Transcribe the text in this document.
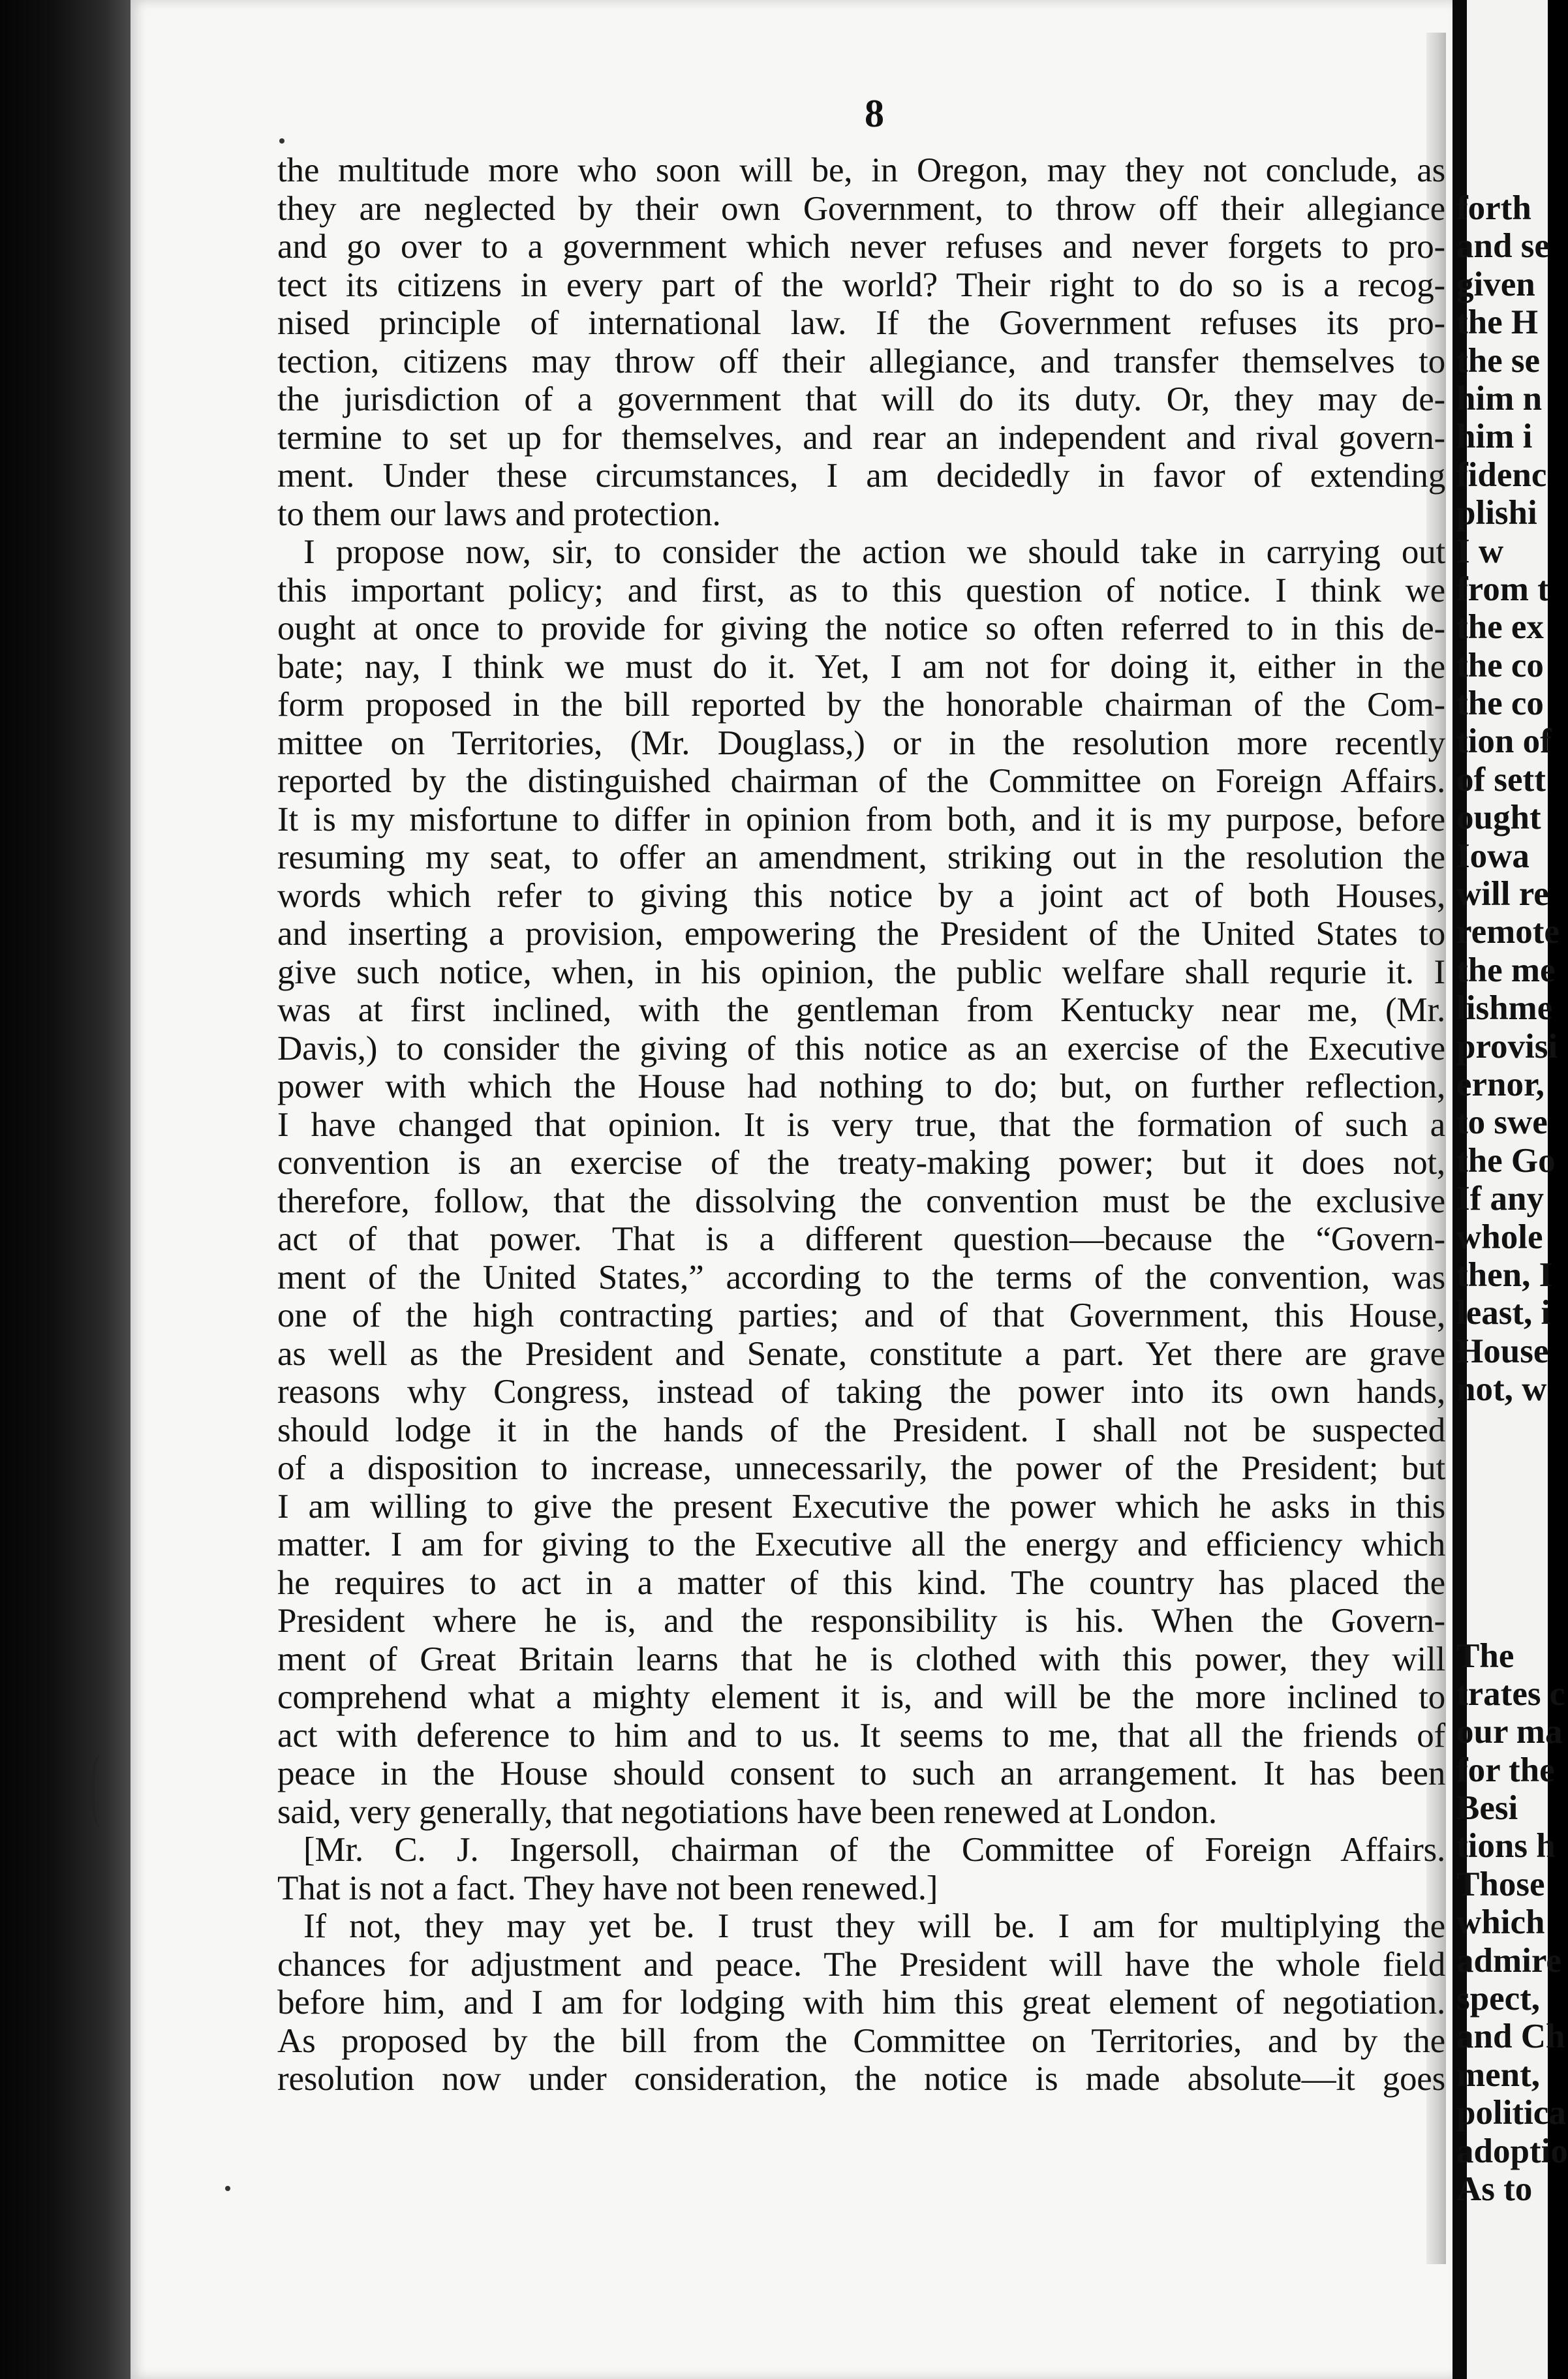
8
the multitude more who soon will be, in Oregon, may they not conclude, as
they are neglected by their own Government, to throw off their allegiance
and go over to a government which never refuses and never forgets to pro-
tect its citizens in every part of the world? Their right to do so is a recog-
nised principle of international law. If the Government refuses its pro-
tection, citizens may throw off their allegiance, and transfer themselves to
the jurisdiction of a government that will do its duty. Or, they may de-
termine to set up for themselves, and rear an independent and rival govern-
ment. Under these circumstances, I am decidedly in favor of extending
to them our laws and protection.
I propose now, sir, to consider the action we should take in carrying out
this important policy; and first, as to this question of notice. I think we
ought at once to provide for giving the notice so often referred to in this de-
bate; nay, I think we must do it. Yet, I am not for doing it, either in the
form proposed in the bill reported by the honorable chairman of the Com-
mittee on Territories, (Mr. Douglass,) or in the resolution more recently
reported by the distinguished chairman of the Committee on Foreign Affairs.
It is my misfortune to differ in opinion from both, and it is my purpose, before
resuming my seat, to offer an amendment, striking out in the resolution the
words which refer to giving this notice by a joint act of both Houses,
and inserting a provision, empowering the President of the United States to
give such notice, when, in his opinion, the public welfare shall requrie it. I
was at first inclined, with the gentleman from Kentucky near me, (Mr.
Davis,) to consider the giving of this notice as an exercise of the Executive
power with which the House had nothing to do; but, on further reflection,
I have changed that opinion. It is very true, that the formation of such a
convention is an exercise of the treaty-making power; but it does not,
therefore, follow, that the dissolving the convention must be the exclusive
act of that power. That is a different question—because the “Govern-
ment of the United States,” according to the terms of the convention, was
one of the high contracting parties; and of that Government, this House,
as well as the President and Senate, constitute a part. Yet there are grave
reasons why Congress, instead of taking the power into its own hands,
should lodge it in the hands of the President. I shall not be suspected
of a disposition to increase, unnecessarily, the power of the President; but
I am willing to give the present Executive the power which he asks in this
matter. I am for giving to the Executive all the energy and efficiency which
he requires to act in a matter of this kind. The country has placed the
President where he is, and the responsibility is his. When the Govern-
ment of Great Britain learns that he is clothed with this power, they will
comprehend what a mighty element it is, and will be the more inclined to
act with deference to him and to us. It seems to me, that all the friends of
peace in the House should consent to such an arrangement. It has been
said, very generally, that negotiations have been renewed at London.
[Mr. C. J. Ingersoll, chairman of the Committee of Foreign Affairs.
That is not a fact. They have not been renewed.]
If not, they may yet be. I trust they will be. I am for multiplying the
chances for adjustment and peace. The President will have the whole field
before him, and I am for lodging with him this great element of negotiation.
As proposed by the bill from the Committee on Territories, and by the
resolution now under consideration, the notice is made absolute—it goes
forth
and se
given
the H
the se
him n
him i
fidenc
plishi
I w
from t
the ex
the co
the co
tion of
of sett
ought
Iowa
will re
remote
the me
lishme
provisi
ernor,
to swe
the Go
If any
whole
then, I
least, i
House
not, w
The
trates c
our ma
for the
Besi
tions h
Those
which
admire
spect,
and Ch
ment,
politica
adoptio
As to
